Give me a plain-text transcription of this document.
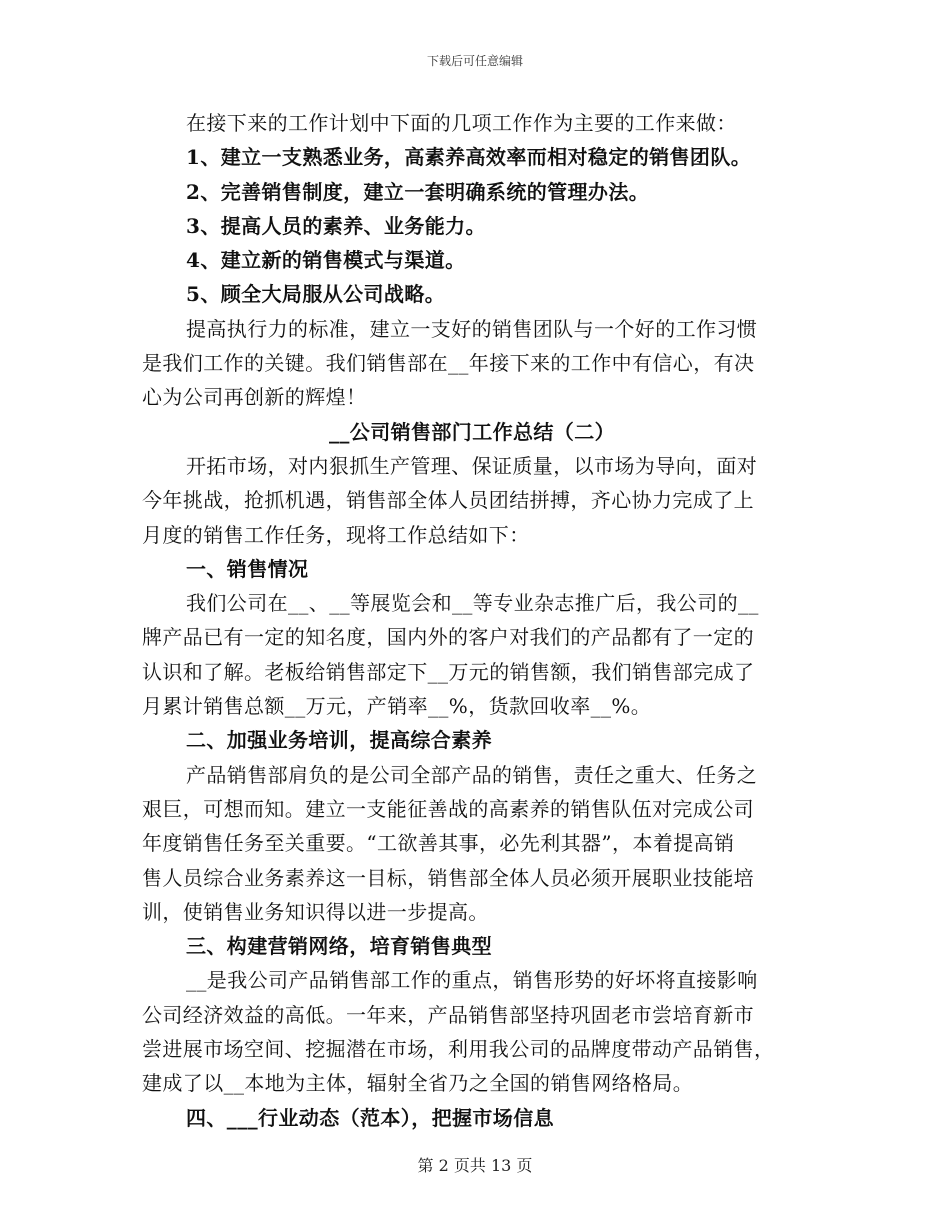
下载后可任意编辑
在接下来的工作计划中下面的几项工作作为主要的工作来做：
1、建立一支熟悉业务，高素养高效率而相对稳定的销售团队。
2、完善销售制度，建立一套明确系统的管理办法。
3、提高人员的素养、业务能力。
4、建立新的销售模式与渠道。
5、顾全大局服从公司战略。
提高执行力的标准，建立一支好的销售团队与一个好的工作习惯
是我们工作的关键。我们销售部在__年接下来的工作中有信心，有决
心为公司再创新的辉煌！
__公司销售部门工作总结（二）
开拓市场，对内狠抓生产管理、保证质量，以市场为导向，面对
今年挑战，抢抓机遇，销售部全体人员团结拼搏，齐心协力完成了上
月度的销售工作任务，现将工作总结如下：
一、销售情况
我们公司在__、__等展览会和__等专业杂志推广后，我公司的__
牌产品已有一定的知名度，国内外的客户对我们的产品都有了一定的
认识和了解。老板给销售部定下__万元的销售额，我们销售部完成了
月累计销售总额__万元，产销率__%，货款回收率__%。
二、加强业务培训，提高综合素养
产品销售部肩负的是公司全部产品的销售，责任之重大、任务之
艰巨，可想而知。建立一支能征善战的高素养的销售队伍对完成公司
年度销售任务至关重要。“工欲善其事，必先利其器”，本着提高销
售人员综合业务素养这一目标，销售部全体人员必须开展职业技能培
训，使销售业务知识得以进一步提高。
三、构建营销网络，培育销售典型
__是我公司产品销售部工作的重点，销售形势的好坏将直接影响
公司经济效益的高低。一年来，产品销售部坚持巩固老市尝培育新市
尝进展市场空间、挖掘潜在市场，利用我公司的品牌度带动产品销售，
建成了以__本地为主体，辐射全省乃之全国的销售网络格局。
四、___行业动态（范本），把握市场信息
第 2 页共 13 页
